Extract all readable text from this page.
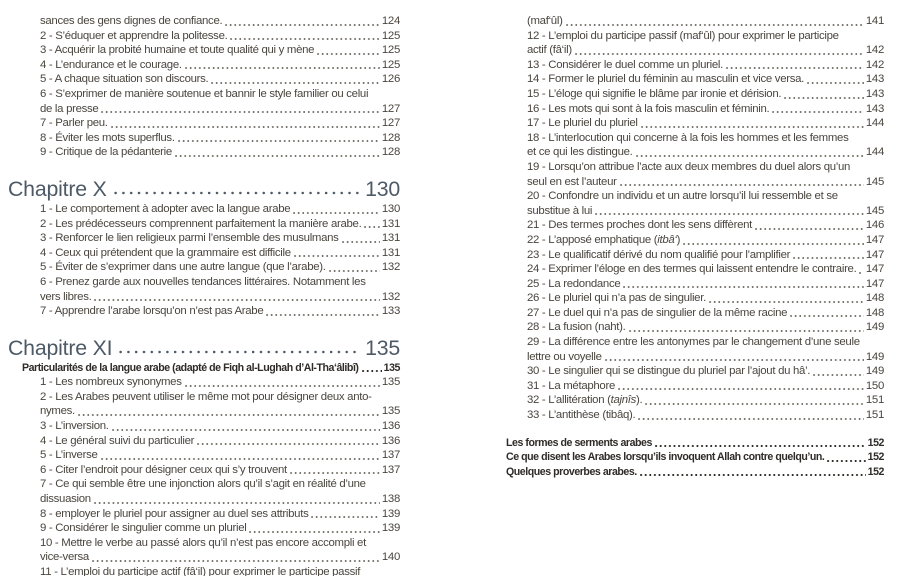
sances des gens dignes de confiance.	124
2 - S’éduquer et apprendre la politesse.	125
3 - Acquérir la probité humaine et toute qualité qui y mène	125
4 - L’endurance et le courage.	125
5 - A chaque situation son discours.	126
6 - S’exprimer de manière soutenue et bannir le style familier ou celui
de la presse	127
7 - Parler peu.	127
8 - Éviter les mots superflus.	128
9 - Critique de la pédanterie	128
Chapitre X	130
1 - Le comportement à adopter avec la langue arabe	130
2 - Les prédécesseurs comprennent parfaitement la manière arabe. 131
3 - Renforcer le lien religieux parmi l’ensemble des musulmans	131
4 - Ceux qui prétendent que la grammaire est difficile	131
5 - Éviter de s’exprimer dans une autre langue (que l’arabe).	132
6 - Prenez garde aux nouvelles tendances littéraires. Notamment les
vers libres.	132
7 - Apprendre l’arabe lorsqu’on n’est pas Arabe	133
Chapitre XI	135
Particularités de la langue arabe (adapté de Fiqh al-Lughah d’Al-Tha‘âlibî) 135
1 - Les nombreux synonymes	135
2 - Les Arabes peuvent utiliser le même mot pour désigner deux anto-
nymes.	135
3 - L’inversion.	136
4 - Le général suivi du particulier	136
5 - L’inverse	137
6 - Citer l’endroit pour désigner ceux qui s’y trouvent	137
7 - Ce qui semble être une injonction alors qu’il s’agit en réalité d’une
dissuasion	138
8 - employer le pluriel pour assigner au duel ses attributs	139
9 - Considérer le singulier comme un pluriel	139
10 - Mettre le verbe au passé alors qu’il n’est pas encore accompli et
vice-versa	140
11 - L’emploi du participe actif (fâ‘il) pour exprimer le participe passif
(maf‘ûl)	141
12 - L’emploi du participe passif (maf‘ûl) pour exprimer le participe
actif (fâ‘il)	142
13 - Considérer le duel comme un pluriel.	142
14 - Former le pluriel du féminin au masculin et vice versa.	143
15 - L’éloge qui signifie le blâme par ironie et dérision.	143
16 - Les mots qui sont à la fois masculin et féminin.	143
17 - Le pluriel du pluriel	144
18 - L’interlocution qui concerne à la fois les hommes et les femmes
et ce qui les distingue.	144
19 - Lorsqu’on attribue l’acte aux deux membres du duel alors qu’un
seul en est l’auteur	145
20 - Confondre un individu et un autre lorsqu’il lui ressemble et se
substitue à lui	145
21 - Des termes proches dont les sens diffèrent	146
22 - L’apposé emphatique (itbâ‘)	147
23 - Le qualificatif dérivé du nom qualifié pour l’amplifier	147
24 - Exprimer l’éloge en des termes qui laissent entendre le contraire. 147
25 - La redondance	147
26 - Le pluriel qui n’a pas de singulier.	148
27 - Le duel qui n’a pas de singulier de la même racine	148
28 - La fusion (naht).	149
29 - La différence entre les antonymes par le changement d’une seule
lettre ou voyelle	149
30 - Le singulier qui se distingue du pluriel par l’ajout du hâ’.	149
31 - La métaphore	150
32 - L’allitération (tajnîs).	151
33 - L’antithèse (tibâq).	151
Les formes de serments arabes	152
Ce que disent les Arabes lorsqu’ils invoquent Allah contre quelqu’un.	152
Quelques proverbes arabes.	152
